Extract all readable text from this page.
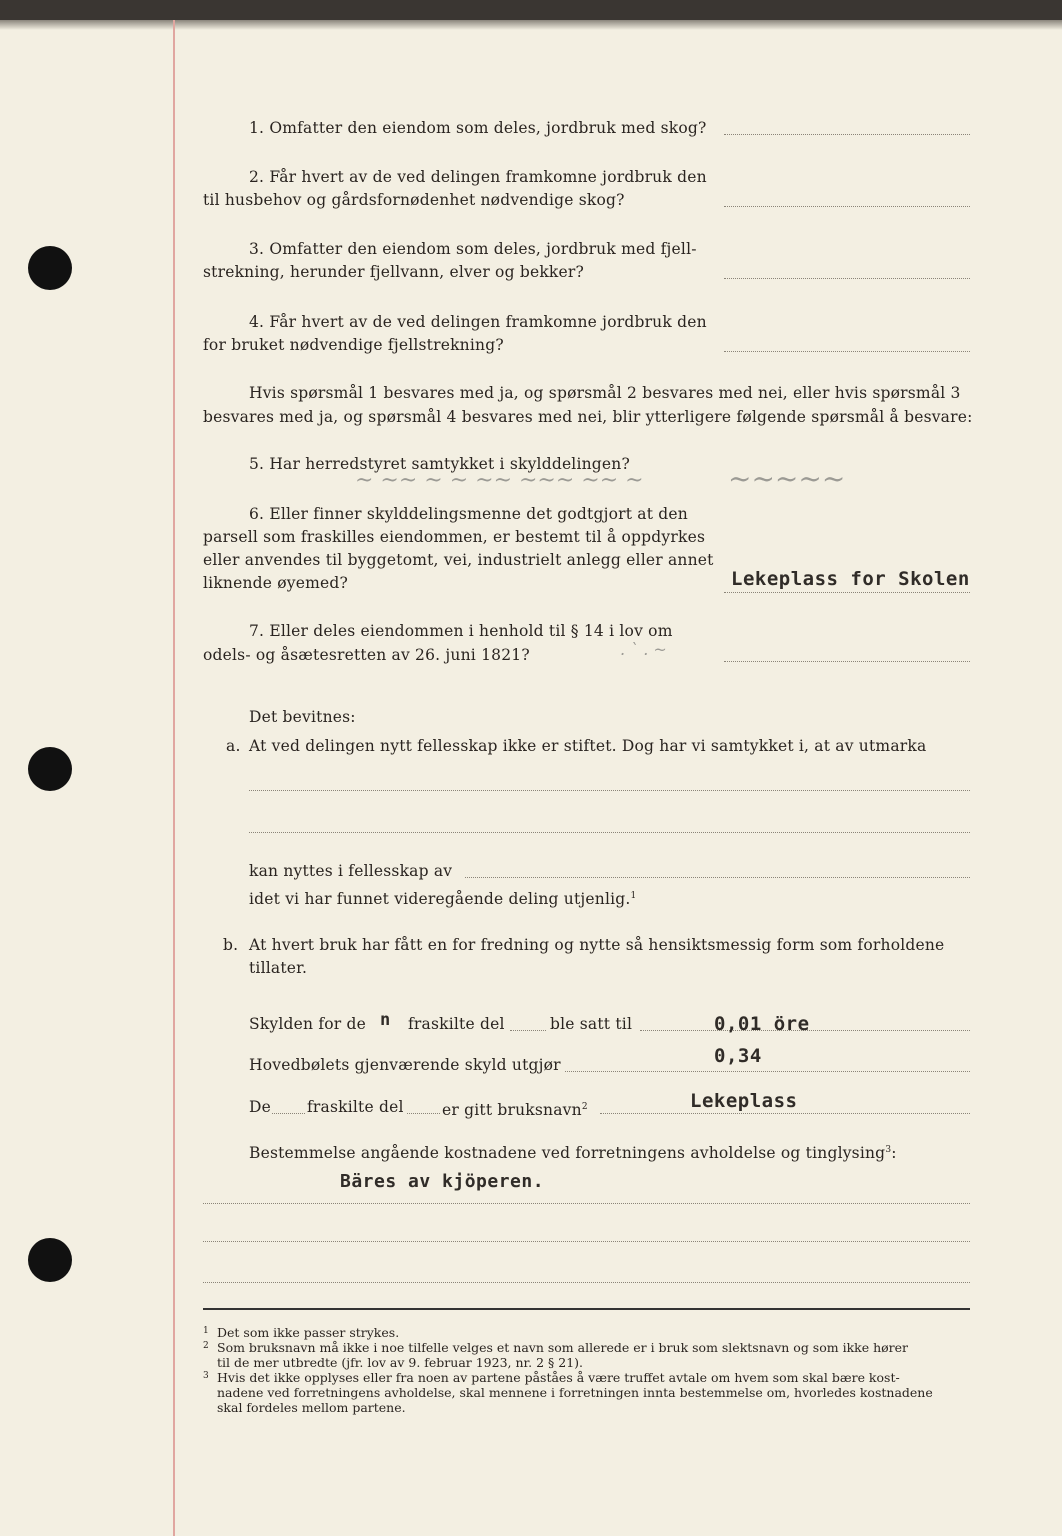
1. Omfatter den eiendom som deles, jordbruk med skog?
2. Får hvert av de ved delingen framkomne jordbruk den
til husbehov og gårdsfornødenhet nødvendige skog?
3. Omfatter den eiendom som deles, jordbruk med fjell-
strekning, herunder fjellvann, elver og bekker?
4. Får hvert av de ved delingen framkomne jordbruk den
for bruket nødvendige fjellstrekning?
Hvis spørsmål 1 besvares med ja, og spørsmål 2 besvares med nei, eller hvis spørsmål 3
besvares med ja, og spørsmål 4 besvares med nei, blir ytterligere følgende spørsmål å besvare:
5. Har herredstyret samtykket i skylddelingen?
~ ~~ ~ ~ ~~ ~~~ ~~ ~	~~~~~
6. Eller finner skylddelingsmenne det godtgjort at den
parsell som fraskilles eiendommen, er bestemt til å oppdyrkes
eller anvendes til byggetomt, vei, industrielt anlegg eller annet
liknende øyemed?	Lekeplass for Skolen
7. Eller deles eiendommen i henhold til § 14 i lov om
odels- og åsætesretten av 26. juni 1821?	. ` . ~
Det bevitnes:
a. At ved delingen nytt fellesskap ikke er stiftet. Dog har vi samtykket i, at av utmarka
kan nyttes i fellesskap av
idet vi har funnet videregående deling utjenlig.$^1$
b. At hvert bruk har fått en for fredning og nytte så hensiktsmessig form som forholdene
tillater.
Skylden for de n fraskilte del	ble satt til	0,01 öre
Hovedbølets gjenværende skyld utgjør	0,34
De fraskilte del er gitt bruksnavn$^2$	Lekeplass
Bestemmelse angående kostnadene ved forretningens avholdelse og tinglysing$^3$:
Bäres av kjöperen.
1 Det som ikke passer strykes.
2 Som bruksnavn må ikke i noe tilfelle velges et navn som allerede er i bruk som slektsnavn og som ikke hører
til de mer utbredte (jfr. lov av 9. februar 1923, nr. 2 § 21).
3 Hvis det ikke opplyses eller fra noen av partene påståes å være truffet avtale om hvem som skal bære kost-
nadene ved forretningens avholdelse, skal mennene i forretningen innta bestemmelse om, hvorledes kostnadene
skal fordeles mellom partene.
